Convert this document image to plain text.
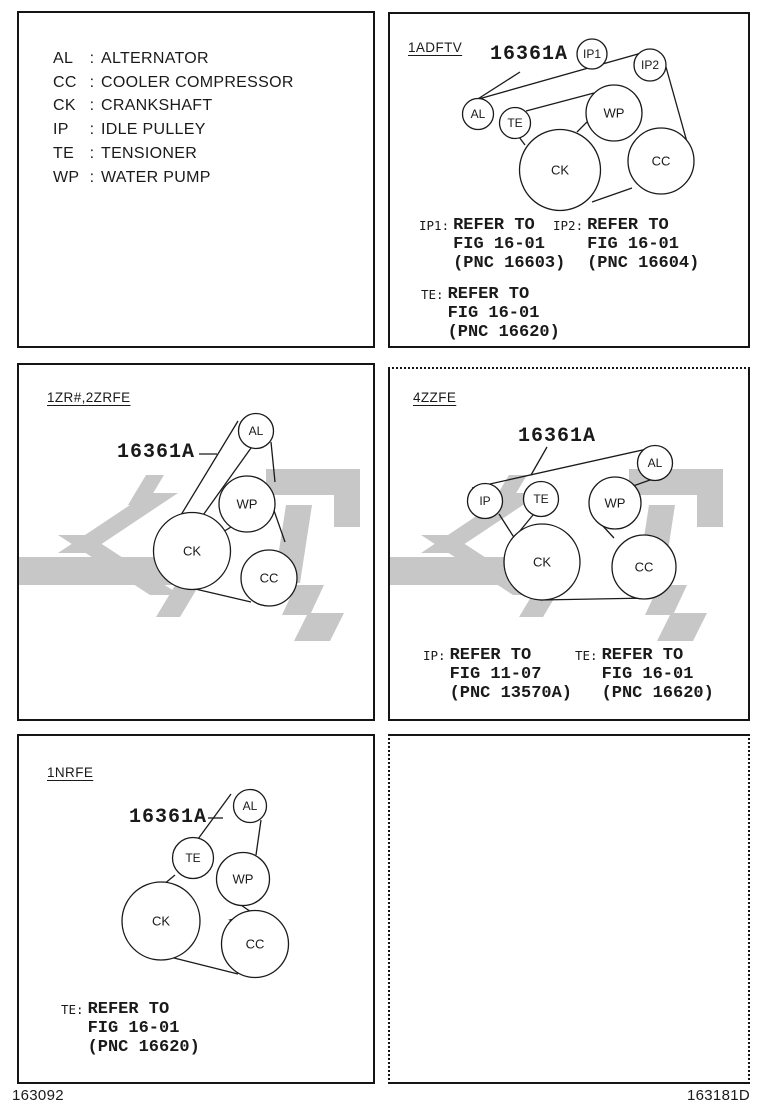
AL	: ALTERNATOR
CC : COOLER COMPRESSOR
CK : CRANKSHAFT
IP	: IDLE PULLEY
TE : TENSIONER
WP : WATER PUMP
1ADFTV 16361A
AL
TE
IP1
IP2
WP
CK
CC
IP1: REFER TO
FIG 16-01
(PNC 16603)
IP2: REFER TO
FIG 16-01
(PNC 16604)
TE: REFER TO
FIG 16-01
(PNC 16620)
1ZR#,2ZRFE
16361A
AL
WP
CK
CC
4ZZFE
16361A
IP	TE	WP
AL
CK	CC
IP: REFER TO
FIG 11-07
(PNC 13570A)
TE: REFER TO
FIG 16-01
(PNC 16620)
1NRFE
16361A	AL
TE
WP
CK
CC
TE: REFER TO
FIG 16-01
(PNC 16620)
163092	163181D
